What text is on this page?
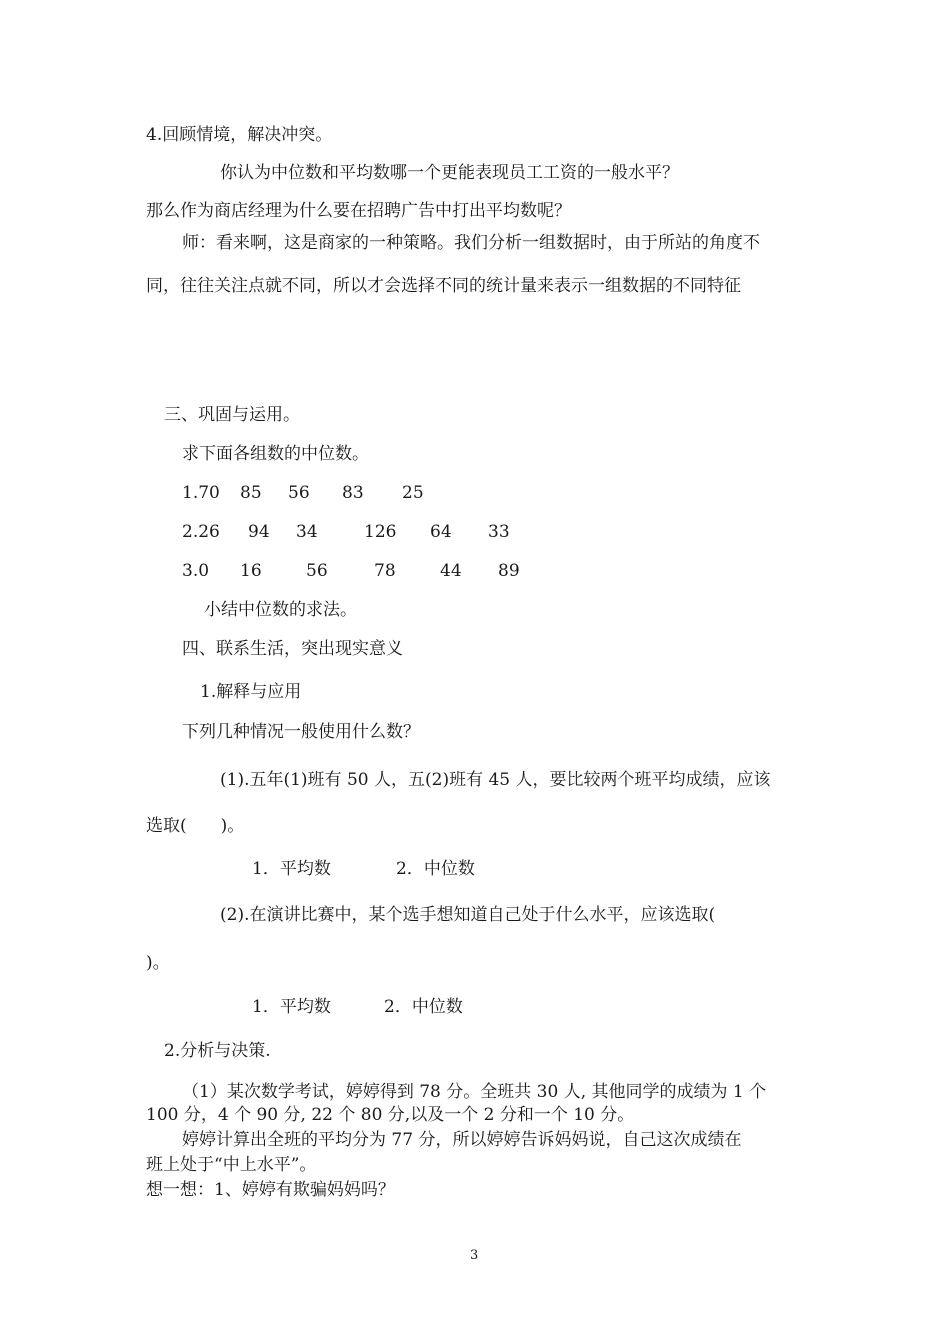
4.回顾情境，解决冲突。
你认为中位数和平均数哪一个更能表现员工工资的一般水平？
那么作为商店经理为什么要在招聘广告中打出平均数呢？
师：看来啊，这是商家的一种策略。我们分析一组数据时，由于所站的角度不
同，往往关注点就不同，所以才会选择不同的统计量来表示一组数据的不同特征
三、巩固与运用。
求下面各组数的中位数。
1.70 85 56 83 25
2.26 94 34	126 64 33
3.0 16	56	78	44 89
小结中位数的求法。
四、联系生活，突出现实意义
1.解释与应用
下列几种情况一般使用什么数？
(1).五年(1)班有 50 人，五(2)班有 45 人，要比较两个班平均成绩，应该
选取(　　)。
1．平均数	2．中位数
(2).在演讲比赛中，某个选手想知道自己处于什么水平，应该选取(
)。
1．平均数	2．中位数
2.分析与决策.
（1）某次数学考试，婷婷得到 78 分。全班共 30 人, 其他同学的成绩为 1 个
100 分，4 个 90 分, 22 个 80 分,以及一个 2 分和一个 10 分。
婷婷计算出全班的平均分为 77 分，所以婷婷告诉妈妈说，自己这次成绩在
班上处于“中上水平”。
想一想：1、婷婷有欺骗妈妈吗？
3
